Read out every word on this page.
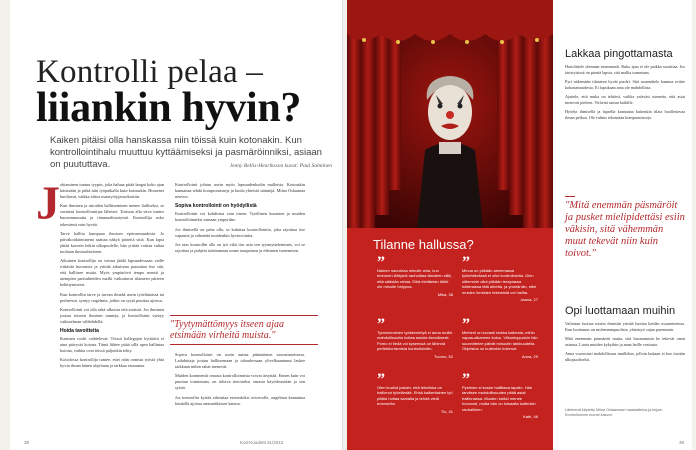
Kontrolli pelaa –
liiankin hyvin?
Kaiken pitäisi olla hanskassa niin töissä kuin kotonakin. Kun kontrollointihalu muuttuu kyttäämiseksi ja pasmäröinniksi, asiaan on puututtava.	Jenny Bellis-Henriksson kuvat: Paul Salminen
J ohtaminen tuntuu tyypin, joka haluaa pitää langat koko ajan käsissään ja pitkä niin työpaikalla kuin kotonakin. Homenet huoltavat, vaikka aittoa mansyötyjavuokaisiin.

Kun ihminen ja asioiden hallitseminen menee lialliseksi, se suvuttaa kontrollointijaa läheiset. Tosiuun alla sitva tunteo huonommuuttu ja rämmaalttuotyinti. Kontrollija usko tekevänsä vain hyvää.

Tarve hallita kumpuaa ihmisen epävarmuudesta. Jo päiväkotikäiminenä saattaa näkyä pärteitä siitä. Kun lapsi jättää kaverin leikin ulkopuolelle, hän yrittää voittaa valtaa tuoltaan ilmissuhteiseen.

Aikuinen kontrollija on voinut jäädä lapsuudessaan vaille riittävää huomiota ja yrittää aikuisena paruuttaa itse sitä, että hallitsee muita. Myös ympäröivä tempo mentti ja aiempien parisuhteiden mallit vaikuttavat tilanteen pärteen kehittymiseen.

Kun kontrollin tarve ja turvan ilmeää usein työelämässä tai perheessä, syntyy ongelmia, joihin on syytä puuttua ajoissa.

Kontrollointi voi olla sekä ulkoista että sisäistä. Jos ihminen joutuu toiseen ihmisen tunneja, ja kontrollointi syntyy vaikutelman välilehdellä.

Hoida tavoitteita

Ihmisten roolit vaihtelevat: Töissä kollegojen kyttäävä ei aina päivystä kotona. Tämä lähtee pitää sillä upea hallintaa kotona, vaikka ovat töissä paljonkin tehty.

Kotiolossa kontrollija tuntee, ettei näin onnistu työstä yhtä hyvin ilman hänen ohjeitaan ja tarkkaa seurantaa.

Kontrollointi johtuu usein myös lapsuudenkodin malleista. Kotonakin kannattaa tehdä kompromisseja ja luoda yhteisiä sääntöjä, Miina Oslaamaa neuvoo.

Sopiva kontrollointi on hyödyllistä

Kontrollointi voi kohdistua vain itseen. Tyiellinen kuomien ja muiden kontrolloinniksi samaan ympyrään.

Jos ihmisellä on paha olla, se kuluttaa kontrollointia, joka rajoittaa itse vapautta ja vähentää muidenkin hyvinvointia.

Jos taas kontrollin alla on työ eikä itse asia sen tyynnytteleminen, voi se rajoittaa ja puhjeta tulettamaan oman tasapainon ja eläimien tuntemisen.

"Tyytymättömyys itseen ajaa etsimään virheitä muista."

Sopiva kontrollointi on usein auttaa päämäärien saavuttamisessa. Laihduttaja joutuu hallitsemaan ja taloudessaan ylivelkaantunut laskee tarkkaan mihin rahat menevät.

Muiden kommentit omasta kontrolloinnista voivat ärsyttää. Ennen kuin voi puuttua toimintaan, on tultava tietoiseksi omasta käytöksestään ja sen syistä.

Jos kontrollin kyttää aiheuttaa esimerkiksi avioerolle, ongelmat kannattaa käsitellä ajoissa ammattilaisen kanssa.

38	Koti-Kuodetti 31/2013
Tilanne hallussa?
”
Nainen nauruhaa minulle aina, kun rimmnen lähtyinä rauhoittaa tilanteen sillä, että säästän rahaa. Eikä etelätelan lähtö ole minulle helppoa.
Mika, 38
”
Minua on pitkään aiemmassa työtehtävässä ei ollut kontrollointia. Olen sittemmin ollut pitkään terapiassa tutkimassa tätä aihetta, ja ymmärrän, ettei muiden ihmisten tekemisiä voi hallita.
Jaana, 27
”
Tyrannimainen työskentelyä ei anna muille mahdollisuutta hoitaa asioita itsenäisesti. Pomo ei tiedä voi kyseessä on lähinnä perfektionismista kontrollointiin.
Tuomo, 52
”
Mieheni on kovasti tarkka kaikesta, mihin vapaa-aikamme kuluu. Viikonloppuisin hän suunnittelee päivät minuutin tarkkuudella. Ohjeistus on kuitenkin kokenut.
Anna, 29
”
Olen kuullut jostain, että tekniikka on hallinnut työelämää. Ehkä kaikenlainen työ pitäisi hoitaa samalla ja tehdä vielä enemmän.
Tio, 41
”
Pystinen ei koske hallittava lapsiin. Hän tarvitsee mahdollisuuden pitää asiat hallinnassa. Muuten kaikki menee huonosti, mutta hän on toisaalta kuitenkin rauhallinen.
Katri, 46
Lakkaa pingottamasta

Hartolittele olemaan normmaali. Ruko ajan ei ole paikka suorittaa. Jos täristyisissä on pientä lapsia, sitä mallia tunnetaan.

Pyri näkemään tilanteen hyvät puolet. Sitä suunnittele kumma eväite kokonaisuudesta. Ei lapsikaan aina ole mahdollista.

Ajattele, että muka on tehtävä, vaikka ystäväsi tunnetta, että asiat menevät pieleen. Virheitä sattuu kaikille.

Hyödyt ihmisellä ja lapsella kannattaa kuitenkin tilata huollettavaa ilman pelkoa. Ole valmis tekemään kompromisseja.

"Mitä enemmän päsmäröit ja pusket mielipidettäsi esiin väkisin, sitä vähemmän muut tekevät niin kuin toivot."
Opi luottamaan muihin

Valtaisan luottaa toisiin ihmisiin yrittää luottaa heidän osaamiseensa. Kun luottamus on molemminpuolista, yhteistyö sujuu paremmin.

Mitä enemmän päsmäröit muita, sitä huonommin he tekevät omat asiansa. Luota muiden kykyihin ja anna heille vastuuta.

Anna vuorostasi mahdollisuus muillekin, jolloin kukaan ei koe itseään ulkopuoliseksi.

Lähteenä käytetty Miina Oslaamaan haastattelua ja kirjaa: Kontrolloinnin monet kasvot.
39
